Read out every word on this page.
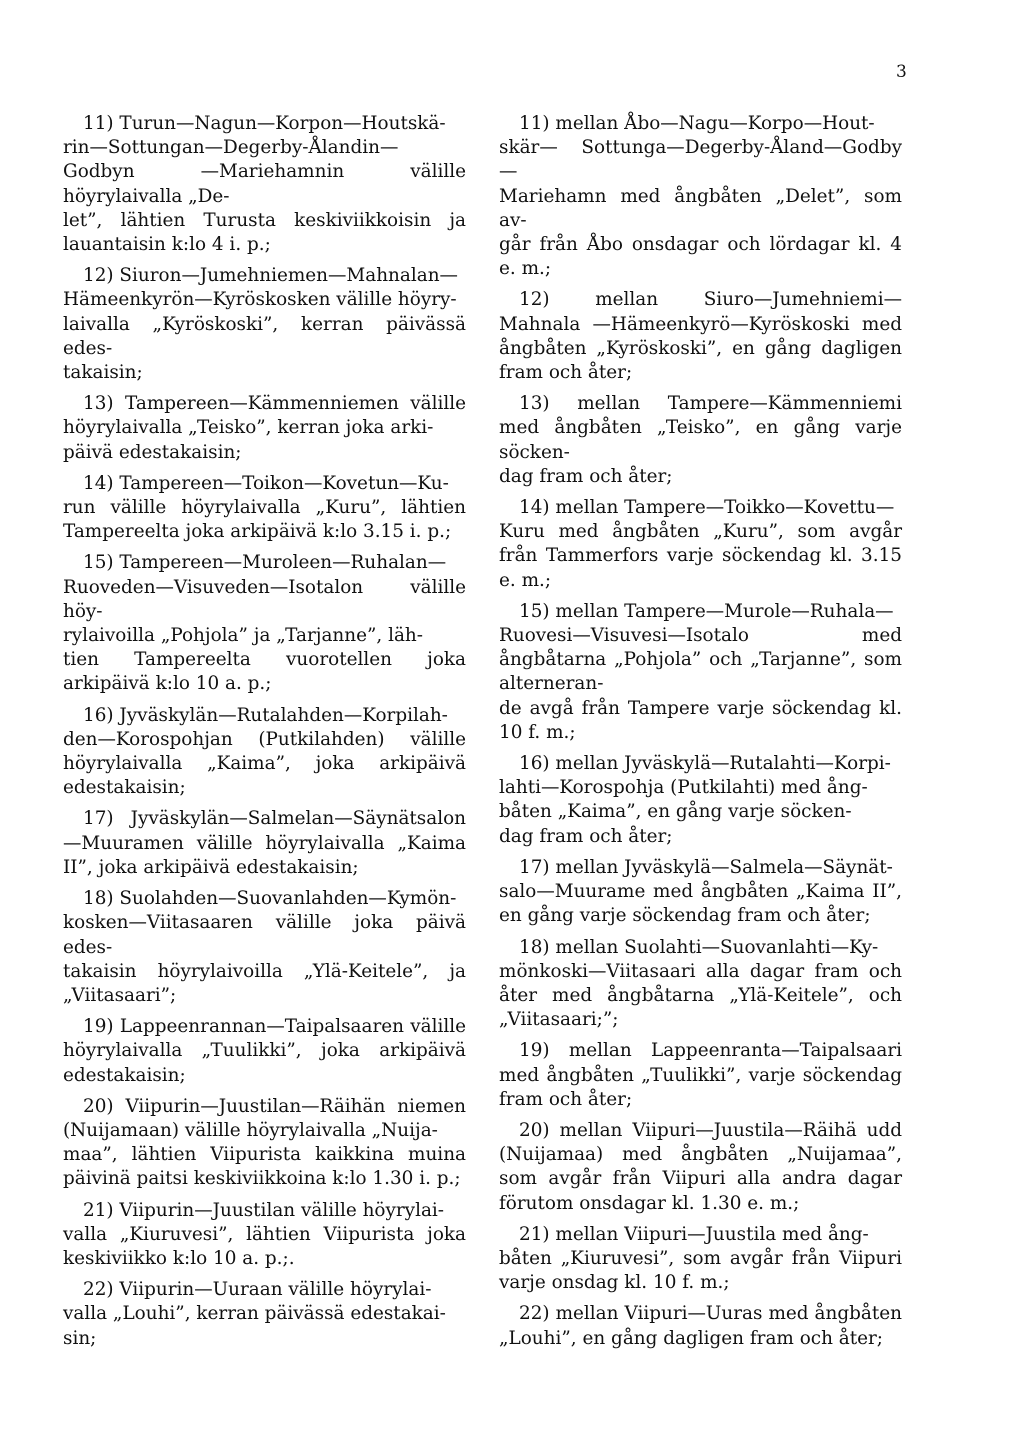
3

11) Turun—Nagun—Korpon—Houtskä-
rin—Sottungan—Degerby-Ålandin—Godbyn —Mariehamnin välille höyrylaivalla „De-
let”, lähtien Turusta keskiviikkoisin ja lauantaisin k:lo 4 i. p.;

12) Siuron—Jumehniemen—Mahnalan—
Hämeenkyrön—Kyröskosken välille höyry-
laivalla „Kyröskoski”, kerran päivässä edes-
takaisin;

13) Tampereen—Kämmenniemen välille höyrylaivalla „Teisko”, kerran joka arki-
päivä edestakaisin;

14) Tampereen—Toikon—Kovetun—Ku-
run välille höyrylaivalla „Kuru”, lähtien Tampereelta joka arkipäivä k:lo 3.15 i. p.;

15) Tampereen—Muroleen—Ruhalan—
Ruoveden—Visuveden—Isotalon välille höy-
rylaivoilla „Pohjola” ja „Tarjanne”, läh-
tien Tampereelta vuorotellen joka arkipäivä k:lo 10 a. p.;

16) Jyväskylän—Rutalahden—Korpilah-
den—Korospohjan (Putkilahden) välille höyrylaivalla „Kaima”, joka arkipäivä edestakaisin;

17) Jyväskylän—Salmelan—Säynätsalon —Muuramen välille höyrylaivalla „Kaima II”, joka arkipäivä edestakaisin;

18) Suolahden—Suovanlahden—Kymön-
kosken—Viitasaaren välille joka päivä edes-
takaisin höyrylaivoilla „Ylä-Keitele”, ja „Viitasaari”;

19) Lappeenrannan—Taipalsaaren välille höyrylaivalla „Tuulikki”, joka arkipäivä edestakaisin;

20) Viipurin—Juustilan—Räihän niemen (Nuijamaan) välille höyrylaivalla „Nuija-
maa”, lähtien Viipurista kaikkina muina päivinä paitsi keskiviikkoina k:lo 1.30 i. p.;

21) Viipurin—Juustilan välille höyrylai-
valla „Kiuruvesi”, lähtien Viipurista joka keskiviikko k:lo 10 a. p.;.

22) Viipurin—Uuraan välille höyrylai-
valla „Louhi”, kerran päivässä edestakai-
sin;

11) mellan Åbo—Nagu—Korpo—Hout-
skär— Sottunga—Degerby-Åland—Godby—
Mariehamn med ångbåten „Delet”, som av-
går från Åbo onsdagar och lördagar kl. 4 e. m.;

12) mellan Siuro—Jumehniemi—Mahnala —Hämeenkyrö—Kyröskoski med ångbåten „Kyröskoski”, en gång dagligen fram och åter;

13) mellan Tampere—Kämmenniemi med ångbåten „Teisko”, en gång varje söcken-
dag fram och åter;

14) mellan Tampere—Toikko—Kovettu—
Kuru med ångbåten „Kuru”, som avgår från Tammerfors varje söckendag kl. 3.15 e. m.;

15) mellan Tampere—Murole—Ruhala—
Ruovesi—Visuvesi—Isotalo med ångbåtarna „Pohjola” och „Tarjanne”, som alterneran-
de avgå från Tampere varje söckendag kl. 10 f. m.;

16) mellan Jyväskylä—Rutalahti—Korpi-
lahti—Korospohja (Putkilahti) med ång-
båten „Kaima”, en gång varje söcken-
dag fram och åter;

17) mellan Jyväskylä—Salmela—Säynät-
salo—Muurame med ångbåten „Kaima II”, en gång varje söckendag fram och åter;

18) mellan Suolahti—Suovanlahti—Ky-
mönkoski—Viitasaari alla dagar fram och åter med ångbåtarna „Ylä-Keitele”, och „Viitasaari;”;

19) mellan Lappeenranta—Taipalsaari med ångbåten „Tuulikki”, varje söckendag fram och åter;

20) mellan Viipuri—Juustila—Räihä udd (Nuijamaa) med ångbåten „Nuijamaa”, som avgår från Viipuri alla andra dagar förutom onsdagar kl. 1.30 e. m.;

21) mellan Viipuri—Juustila med ång-
båten „Kiuruvesi”, som avgår från Viipuri varje onsdag kl. 10 f. m.;

22) mellan Viipuri—Uuras med ångbåten „Louhi”, en gång dagligen fram och åter;
